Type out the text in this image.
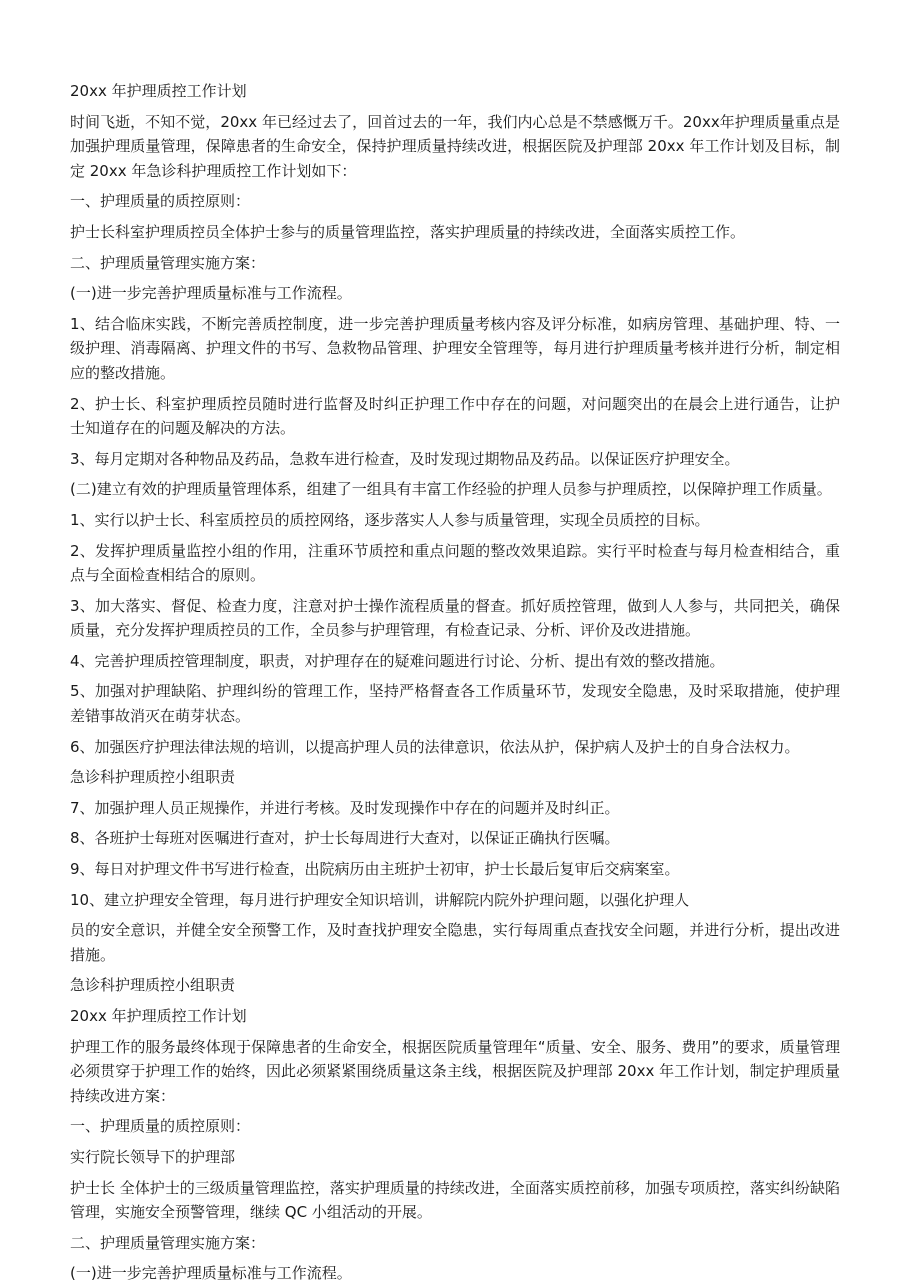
20xx 年护理质控工作计划

时间飞逝，不知不觉，20xx 年已经过去了，回首过去的一年，我们内心总是不禁感慨万千。20xx年护理质量重点是加强护理质量管理，保障患者的生命安全，保持护理质量持续改进，根据医院及护理部 20xx 年工作计划及目标，制定 20xx 年急诊科护理质控工作计划如下：

一、护理质量的质控原则：

护士长科室护理质控员全体护士参与的质量管理监控，落实护理质量的持续改进，全面落实质控工作。

二、护理质量管理实施方案：

(一)进一步完善护理质量标准与工作流程。

1、结合临床实践，不断完善质控制度，进一步完善护理质量考核内容及评分标准，如病房管理、基础护理、特、一级护理、消毒隔离、护理文件的书写、急救物品管理、护理安全管理等，每月进行护理质量考核并进行分析，制定相应的整改措施。

2、护士长、科室护理质控员随时进行监督及时纠正护理工作中存在的问题，对问题突出的在晨会上进行通告，让护士知道存在的问题及解决的方法。

3、每月定期对各种物品及药品，急救车进行检查，及时发现过期物品及药品。以保证医疗护理安全。

(二)建立有效的护理质量管理体系，组建了一组具有丰富工作经验的护理人员参与护理质控，以保障护理工作质量。

1、实行以护士长、科室质控员的质控网络，逐步落实人人参与质量管理，实现全员质控的目标。

2、发挥护理质量监控小组的作用，注重环节质控和重点问题的整改效果追踪。实行平时检查与每月检查相结合，重点与全面检查相结合的原则。

3、加大落实、督促、检查力度，注意对护士操作流程质量的督查。抓好质控管理，做到人人参与，共同把关，确保质量，充分发挥护理质控员的工作，全员参与护理管理，有检查记录、分析、评价及改进措施。

4、完善护理质控管理制度，职责，对护理存在的疑难问题进行讨论、分析、提出有效的整改措施。

5、加强对护理缺陷、护理纠纷的管理工作，坚持严格督查各工作质量环节，发现安全隐患，及时采取措施，使护理差错事故消灭在萌芽状态。

6、加强医疗护理法律法规的培训，以提高护理人员的法律意识，依法从护，保护病人及护士的自身合法权力。

急诊科护理质控小组职责

7、加强护理人员正规操作，并进行考核。及时发现操作中存在的问题并及时纠正。

8、各班护士每班对医嘱进行查对，护士长每周进行大查对，以保证正确执行医嘱。

9、每日对护理文件书写进行检查，出院病历由主班护士初审，护士长最后复审后交病案室。

10、建立护理安全管理，每月进行护理安全知识培训，讲解院内院外护理问题，以强化护理人

员的安全意识，并健全安全预警工作，及时查找护理安全隐患，实行每周重点查找安全问题，并进行分析，提出改进措施。

急诊科护理质控小组职责

20xx 年护理质控工作计划

护理工作的服务最终体现于保障患者的生命安全，根据医院质量管理年“质量、安全、服务、费用”的要求，质量管理必须贯穿于护理工作的始终，因此必须紧紧围绕质量这条主线，根据医院及护理部 20xx 年工作计划，制定护理质量持续改进方案：

一、护理质量的质控原则：

实行院长领导下的护理部

护士长 全体护士的三级质量管理监控，落实护理质量的持续改进，全面落实质控前移，加强专项质控，落实纠纷缺陷管理，实施安全预警管理，继续 QC 小组活动的开展。

二、护理质量管理实施方案：

(一)进一步完善护理质量标准与工作流程。
